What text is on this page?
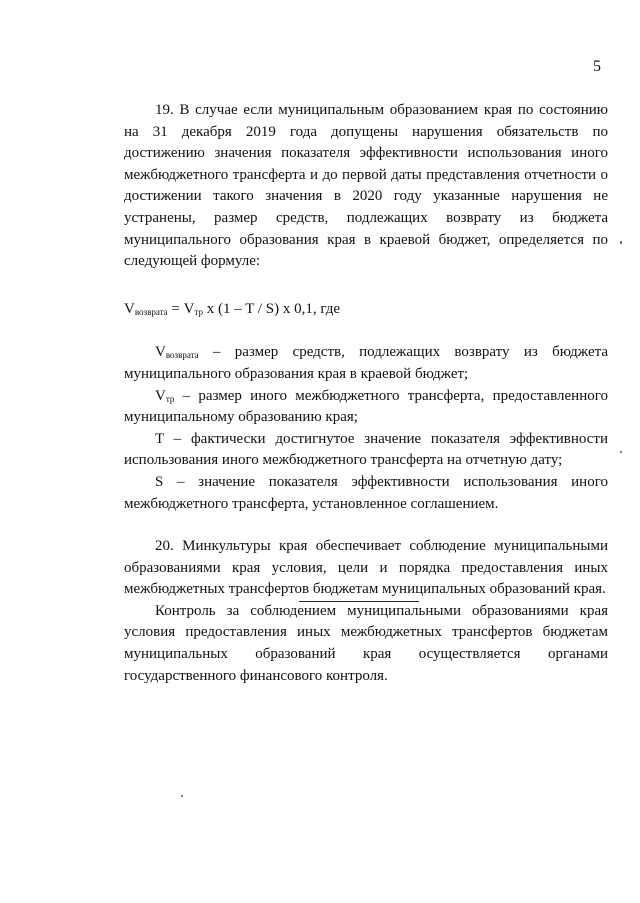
5

19. В случае если муниципальным образованием края по состоянию на 31 декабря 2019 года допущены нарушения обязательств по достижению значения показателя эффективности использования иного межбюджетного трансферта и до первой даты представления отчетности о достижении такого значения в 2020 году указанные нарушения не устранены, размер средств, подлежащих возврату из бюджета муниципального образования края в краевой бюджет, определяется по следующей формуле:

$V_{возврата} = V_{тр}$ x (1 – T / S) x 0,1, где

$V_{возврата}$ – размер средств, подлежащих возврату из бюджета муниципального образования края в краевой бюджет;

$V_{тр}$ – размер иного межбюджетного трансферта, предоставленного муниципальному образованию края;

T – фактически достигнутое значение показателя эффективности использования иного межбюджетного трансферта на отчетную дату;

S – значение показателя эффективности использования иного межбюджетного трансферта, установленное соглашением.

20. Минкультуры края обеспечивает соблюдение муниципальными образованиями края условия, цели и порядка предоставления иных межбюджетных трансфертов бюджетам муниципальных образований края.

Контроль за соблюдением муниципальными образованиями края условия предоставления иных межбюджетных трансфертов бюджетам муниципальных образований края осуществляется органами государственного финансового контроля.
